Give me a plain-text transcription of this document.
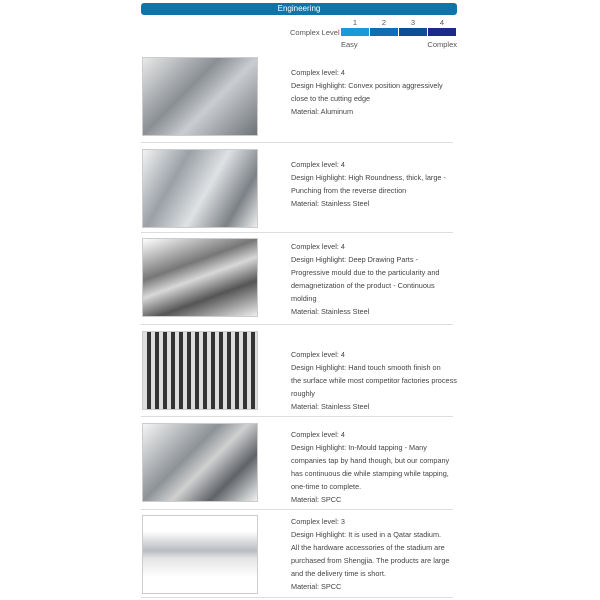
Engineering
Complex Level
1	2	3	4
Easy	Complex
Complex level: 4
Design Highlight: Convex position aggressively
close to the cutting edge
Material: Aluminum
Complex level: 4
Design Highlight: High Roundness, thick, large -
Punching from the reverse direction
Material: Stainless Steel
Complex level: 4
Design Highlight: Deep Drawing Parts -
Progressive mould due to the particularity and
demagnetization of the product - Continuous
molding
Material: Stainless Steel
Complex level: 4
Design Highlight: Hand touch smooth finish on
the surface while most competitor factories process
roughly
Material: Stainless Steel
Complex level: 4
Design Highlight: In-Mould tapping - Many
companies tap by hand though, but our company
has continuous die while stamping while tapping,
one-time to complete.
Material: SPCC
Complex level: 3
Design Highlight: It is used in a Qatar stadium.
All the hardware accessories of the stadium are
purchased from Shengjia. The products are large
and the delivery time is short.
Material: SPCC
